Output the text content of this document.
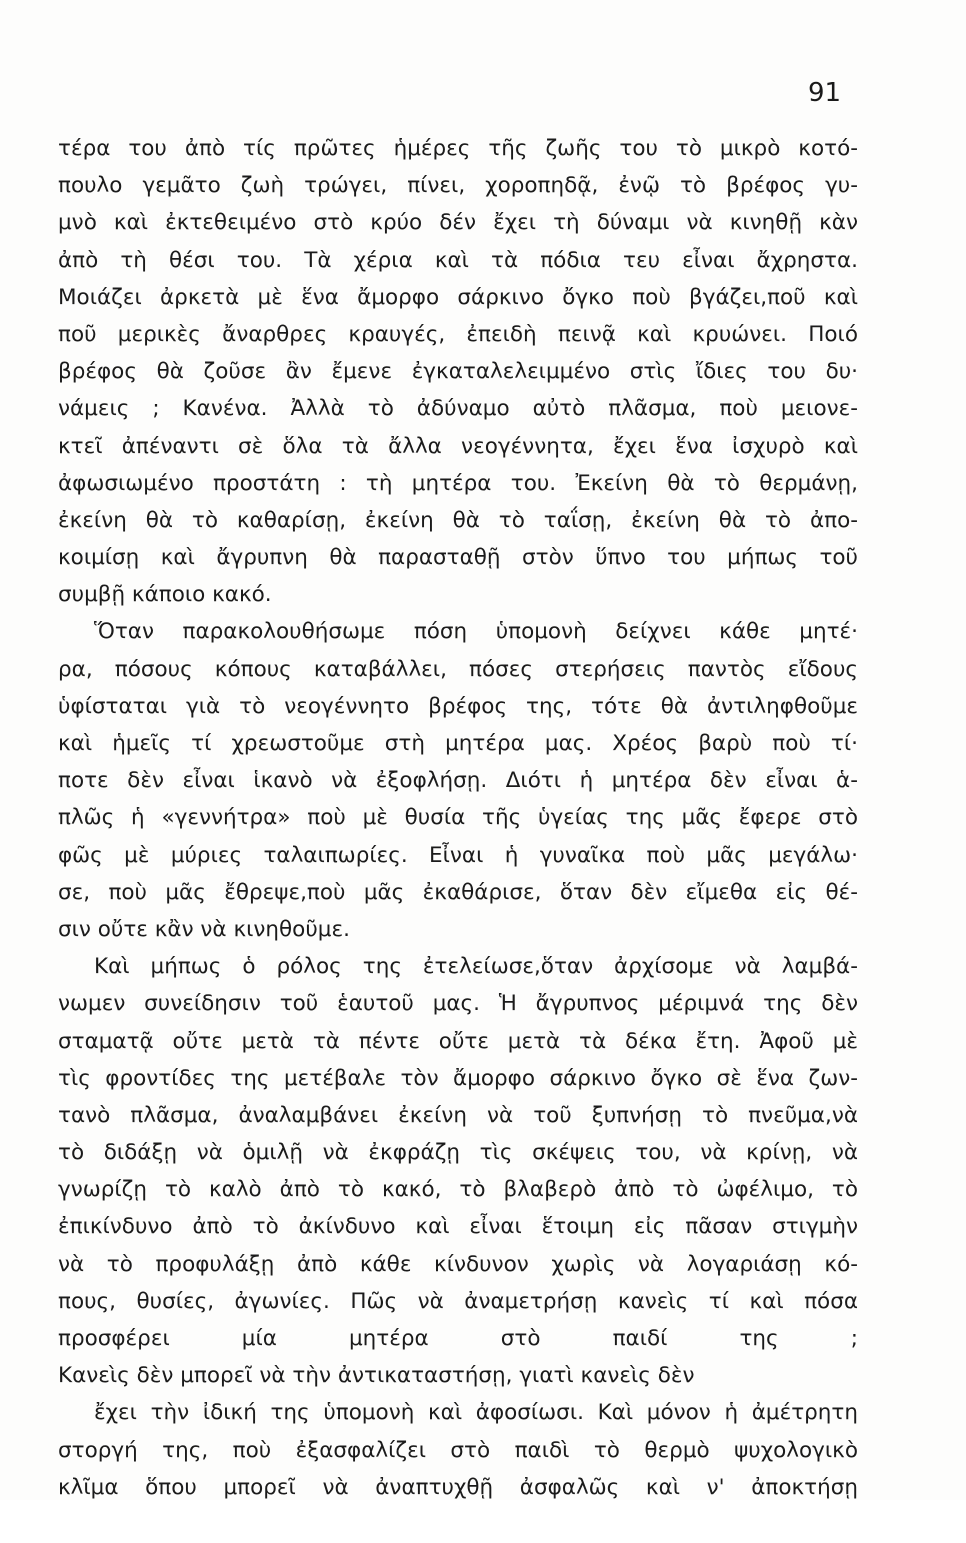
91
τέρα του ἀπὸ τίς πρῶτες ἡμέρες τῆς ζωῆς του τὸ μικρὸ κοτό-
πουλο γεμᾶτο ζωὴ τρώγει, πίνει, χοροπηδᾷ, ἐνῷ τὸ βρέφος γυ-
μνὸ καὶ ἐκτεθειμένο στὸ κρύο δέν ἔχει τὴ δύναμι νὰ κινηθῇ κὰν
ἀπὸ τὴ θέσι του. Τὰ χέρια καὶ τὰ πόδια τευ εἶναι ἄχρηστα.
Μοιάζει ἀρκετὰ μὲ ἕνα ἄμορφο σάρκινο ὄγκο ποὺ βγάζει,ποῦ καὶ
ποῦ μερικὲς ἄναρθρες κραυγές, ἐπειδὴ πεινᾷ καὶ κρυώνει. Ποιό
βρέφος θὰ ζοῦσε ἂν ἔμενε ἐγκαταλελειμμένο στὶς ἴδιες του δυ·
νάμεις ; Κανένα. Ἀλλὰ τὸ ἀδύναμο αὐτὸ πλᾶσμα, ποὺ μειονε-
κτεῖ ἀπέναντι σὲ ὅλα τὰ ἄλλα νεογέννητα, ἔχει ἕνα ἰσχυρὸ καὶ
ἀφωσιωμένο προστάτη : τὴ μητέρα του. Ἐκείνη θὰ τὸ θερμάνῃ,
ἐκείνη θὰ τὸ καθαρίσῃ, ἐκείνη θὰ τὸ ταΐσῃ, ἐκείνη θὰ τὸ ἀπο-
κοιμίσῃ καὶ ἄγρυπνη θὰ παρασταθῇ στὸν ὕπνο του μήπως τοῦ
συμβῇ κάποιο κακό.
Ὅταν παρακολουθήσωμε πόση ὑπομονὴ δείχνει κάθε μητέ·
ρα, πόσους κόπους καταβάλλει, πόσες στερήσεις παντὸς εἴδους
ὑφίσταται γιὰ τὸ νεογέννητο βρέφος της, τότε θὰ ἀντιληφθοῦμε
καὶ ἡμεῖς τί χρεωστοῦμε στὴ μητέρα μας. Χρέος βαρὺ ποὺ τί·
ποτε δὲν εἶναι ἱκανὸ νὰ ἐξοφλήσῃ. Διότι ἡ μητέρα δὲν εἶναι ἁ-
πλῶς ἡ «γεννήτρα» ποὺ μὲ θυσία τῆς ὑγείας της μᾶς ἔφερε στὸ
φῶς μὲ μύριες ταλαιπωρίες. Εἶναι ἡ γυναῖκα ποὺ μᾶς μεγάλω·
σε, ποὺ μᾶς ἔθρεψε,ποὺ μᾶς ἐκαθάρισε, ὅταν δὲν εἴμεθα εἰς θέ-
σιν οὔτε κἂν νὰ κινηθοῦμε.
Καὶ μήπως ὁ ρόλος της ἐτελείωσε,ὅταν ἀρχίσομε νὰ λαμβά-
νωμεν συνείδησιν τοῦ ἑαυτοῦ μας. Ἡ ἄγρυπνος μέριμνά της δὲν
σταματᾷ οὔτε μετὰ τὰ πέντε οὔτε μετὰ τὰ δέκα ἔτη. Ἀφοῦ μὲ
τὶς φροντίδες της μετέβαλε τὸν ἄμορφο σάρκινο ὄγκο σὲ ἕνα ζων-
τανὸ πλᾶσμα, ἀναλαμβάνει ἐκείνη νὰ τοῦ ξυπνήσῃ τὸ πνεῦμα,νὰ
τὸ διδάξῃ νὰ ὁμιλῇ νὰ ἐκφράζῃ τὶς σκέψεις του, νὰ κρίνῃ, νὰ
γνωρίζῃ τὸ καλὸ ἀπὸ τὸ κακό, τὸ βλαβερὸ ἀπὸ τὸ ὠφέλιμο, τὸ
ἐπικίνδυνο ἀπὸ τὸ ἀκίνδυνο καὶ εἶναι ἕτοιμη εἰς πᾶσαν στιγμὴν
νὰ τὸ προφυλάξῃ ἀπὸ κάθε κίνδυνον χωρὶς νὰ λογαριάσῃ κό-
πους, θυσίες, ἀγωνίες. Πῶς νὰ ἀναμετρήσῃ κανεὶς τί καὶ πόσα
προσφέρει μία μητέρα στὸ παιδί της ;
Κανεὶς δὲν μπορεῖ νὰ τὴν ἀντικαταστήσῃ, γιατὶ κανεὶς δὲν
ἔχει τὴν ἰδική της ὑπομονὴ καὶ ἀφοσίωσι. Καὶ μόνον ἡ ἀμέτρητη
στοργή της, ποὺ ἐξασφαλίζει στὸ παιδὶ τὸ θερμὸ ψυχολογικὸ
κλῖμα ὅπου μπορεῖ νὰ ἀναπτυχθῇ ἀσφαλῶς καὶ ν' ἀποκτήσῃ
